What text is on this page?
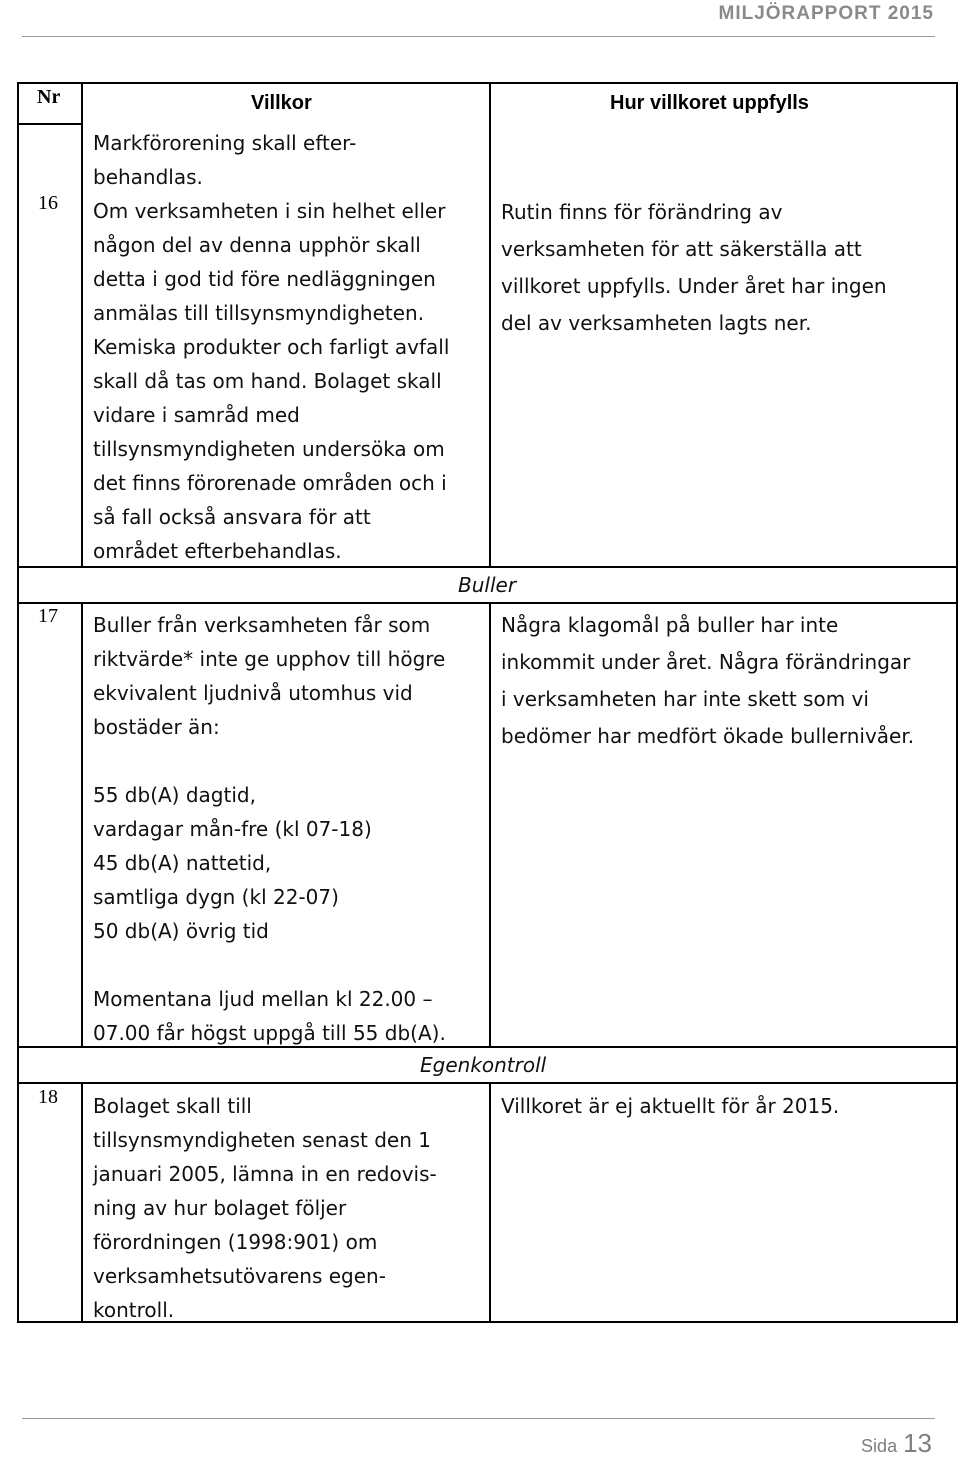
MILJÖRAPPORT 2015
Nr	Villkor	Hur villkoret uppfylls
16
Markförorening skall efter-
behandlas.
Om verksamheten i sin helhet eller
någon del av denna upphör skall
detta i god tid före nedläggningen
anmälas till tillsynsmyndigheten.
Kemiska produkter och farligt avfall
skall då tas om hand. Bolaget skall
vidare i samråd med
tillsynsmyndigheten undersöka om
det finns förorenade områden och i
så fall också ansvara för att
området efterbehandlas.
Rutin finns för förändring av
verksamheten för att säkerställa att
villkoret uppfylls. Under året har ingen
del av verksamheten lagts ner.
Buller
17 Buller från verksamheten får som
riktvärde* inte ge upphov till högre
ekvivalent ljudnivå utomhus vid
bostäder än:
55 db(A) dagtid,
vardagar mån-fre (kl 07-18)
45 db(A) nattetid,
samtliga dygn (kl 22-07)
50 db(A) övrig tid
Momentana ljud mellan kl 22.00 –
07.00 får högst uppgå till 55 db(A).
Några klagomål på buller har inte
inkommit under året. Några förändringar
i verksamheten har inte skett som vi
bedömer har medfört ökade bullernivåer.
Egenkontroll
18 Bolaget skall till
tillsynsmyndigheten senast den 1
januari 2005, lämna in en redovis-
ning av hur bolaget följer
förordningen (1998:901) om
verksamhetsutövarens egen-
kontroll.
Villkoret är ej aktuellt för år 2015.
Sida 13
